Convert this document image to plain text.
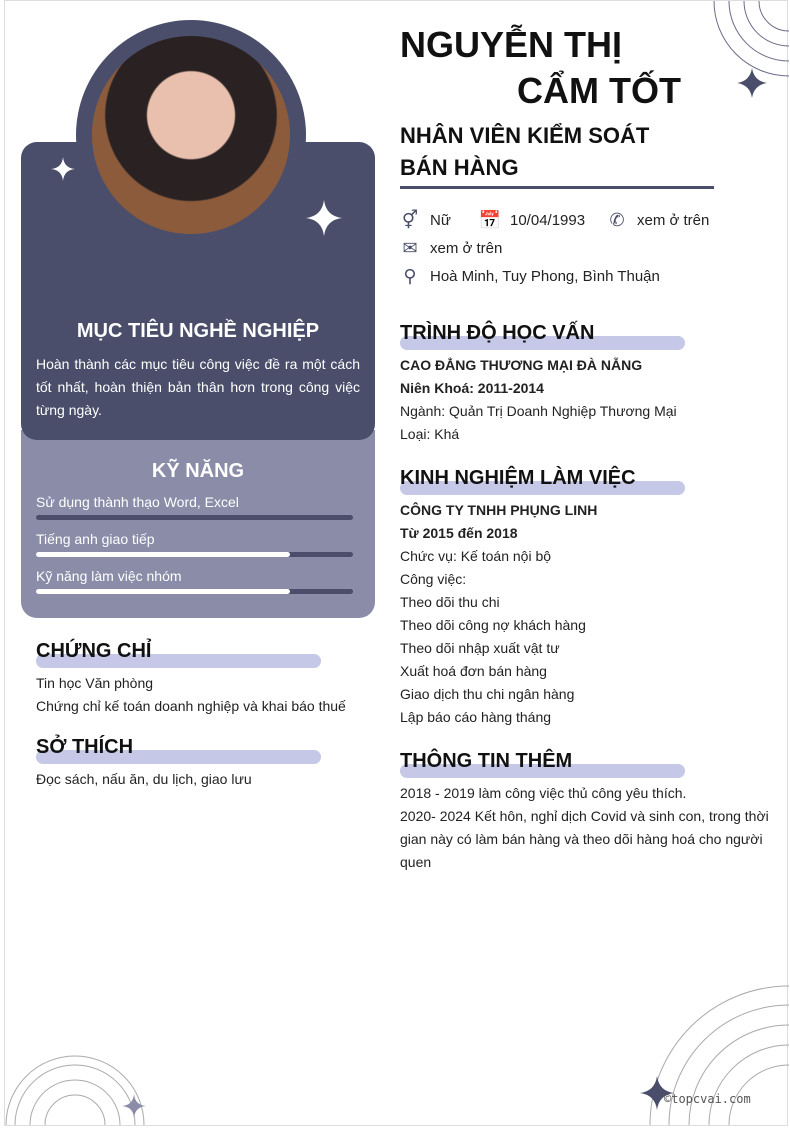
MỤC TIÊU NGHỀ NGHIỆP
Hoàn thành các mục tiêu công việc đề ra một cách tốt nhất, hoàn thiện bản thân hơn trong công việc từng ngày.
KỸ NĂNG
Sử dụng thành thạo Word, Excel
Tiếng anh giao tiếp
Kỹ năng làm việc nhóm
CHỨNG CHỈ
Tin học Văn phòng
Chứng chỉ kế toán doanh nghiệp và khai báo thuế
SỞ THÍCH
Đọc sách, nấu ăn, du lịch, giao lưu
NGUYỄN THỊ
CẨM TỐT
NHÂN VIÊN KIỂM SOÁT
BÁN HÀNG
⚥ Nữ 📅 10/04/1993 ✆ xem ở trên
✉ xem ở trên
⚲ Hoà Minh, Tuy Phong, Bình Thuận
TRÌNH ĐỘ HỌC VẤN
CAO ĐẲNG THƯƠNG MẠI ĐÀ NẴNG
Niên Khoá: 2011-2014
Ngành: Quản Trị Doanh Nghiệp Thương Mại
Loại: Khá
KINH NGHIỆM LÀM VIỆC
CÔNG TY TNHH PHỤNG LINH
Từ 2015 đến 2018
Chức vụ: Kế toán nội bộ
Công việc:
Theo dõi thu chi
Theo dõi công nợ khách hàng
Theo dõi nhập xuất vật tư
Xuất hoá đơn bán hàng
Giao dịch thu chi ngân hàng
Lập báo cáo hàng tháng
THÔNG TIN THÊM
2018 - 2019 làm công việc thủ công yêu thích.
2020- 2024 Kết hôn, nghỉ dịch Covid và sinh con, trong thời gian này có làm bán hàng và theo dõi hàng hoá cho người quen
©topcvai.com
